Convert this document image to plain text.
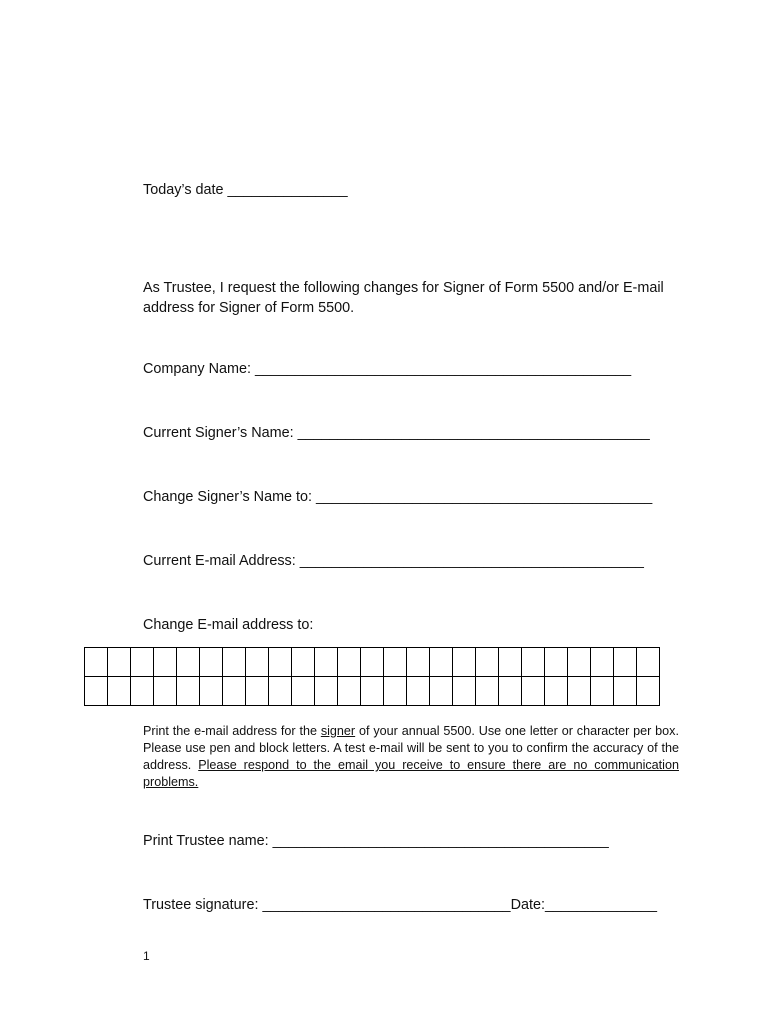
Today’s date _______________
As Trustee, I request the following changes for Signer of Form 5500 and/or E-mail address for Signer of Form 5500.
Company Name: _______________________________________________
Current Signer’s Name: ____________________________________________
Change Signer’s Name to: __________________________________________
Current E-mail Address: ___________________________________________
Change E-mail address to:

Print the e-mail address for the signer of your annual 5500. Use one letter or character per box. Please use pen and block letters. A test e-mail will be sent to you to confirm the accuracy of the address. Please respond to the email you receive to ensure there are no communication problems.
Print Trustee name: __________________________________________
Trustee signature: _______________________________Date:______________
1
